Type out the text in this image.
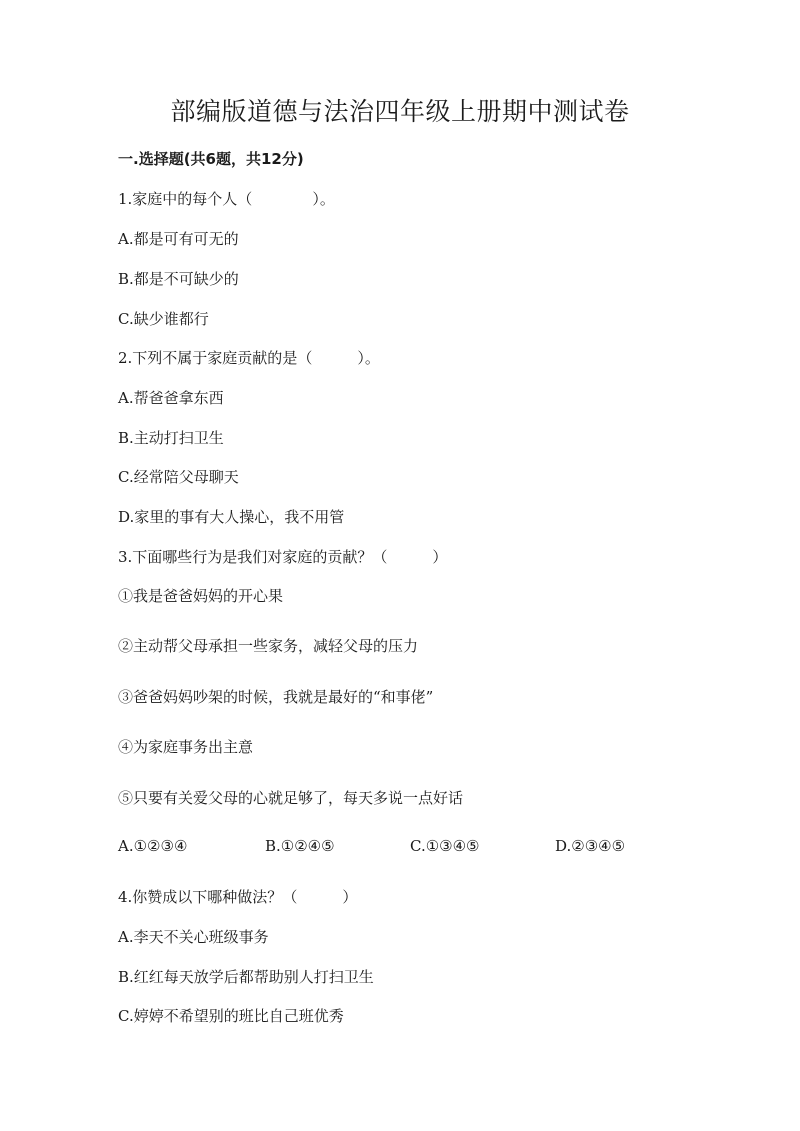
部编版道德与法治四年级上册期中测试卷
一.选择题(共6题，共12分)
1.家庭中的每个人（　　　　）。
A.都是可有可无的
B.都是不可缺少的
C.缺少谁都行
2.下列不属于家庭贡献的是（　　　）。
A.帮爸爸拿东西
B.主动打扫卫生
C.经常陪父母聊天
D.家里的事有大人操心，我不用管
3.下面哪些行为是我们对家庭的贡献？（　　　）
①我是爸爸妈妈的开心果
②主动帮父母承担一些家务，减轻父母的压力
③爸爸妈妈吵架的时候，我就是最好的“和事佬”
④为家庭事务出主意
⑤只要有关爱父母的心就足够了，每天多说一点好话
A.①②③④	B.①②④⑤	C.①③④⑤	D.②③④⑤
4.你赞成以下哪种做法？（　　　）
A.李天不关心班级事务
B.红红每天放学后都帮助别人打扫卫生
C.婷婷不希望别的班比自己班优秀
